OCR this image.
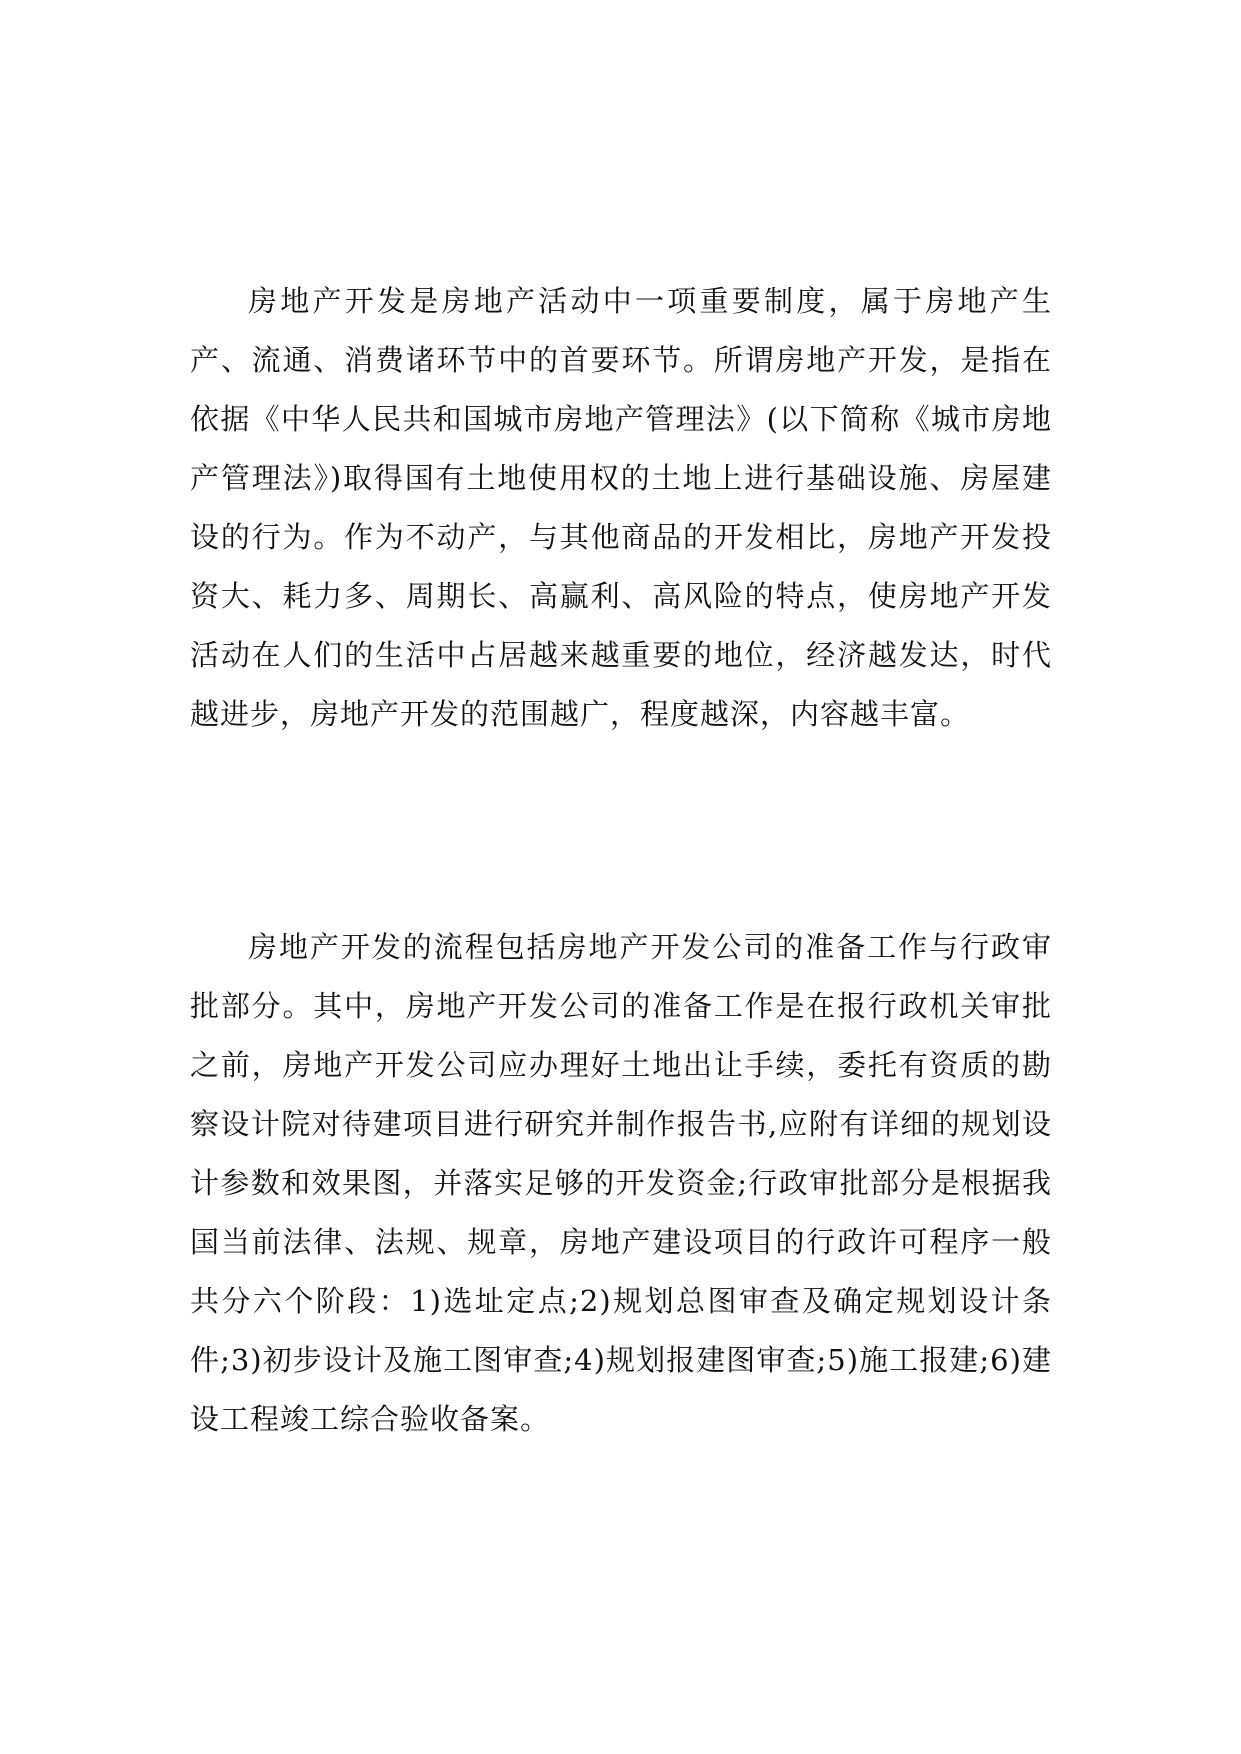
房地产开发是房地产活动中一项重要制度，属于房地产生产、流通、消费诸环节中的首要环节。所谓房地产开发，是指在依据《中华人民共和国城市房地产管理法》(以下简称《城市房地产管理法》)取得国有土地使用权的土地上进行基础设施、房屋建设的行为。作为不动产，与其他商品的开发相比，房地产开发投资大、耗力多、周期长、高赢利、高风险的特点，使房地产开发活动在人们的生活中占居越来越重要的地位，经济越发达，时代越进步，房地产开发的范围越广，程度越深，内容越丰富。

房地产开发的流程包括房地产开发公司的准备工作与行政审批部分。其中，房地产开发公司的准备工作是在报行政机关审批之前，房地产开发公司应办理好土地出让手续，委托有资质的勘察设计院对待建项目进行研究并制作报告书,应附有详细的规划设计参数和效果图，并落实足够的开发资金;行政审批部分是根据我国当前法律、法规、规章，房地产建设项目的行政许可程序一般共分六个阶段：1)选址定点;2)规划总图审查及确定规划设计条件;3)初步设计及施工图审查;4)规划报建图审查;5)施工报建;6)建设工程竣工综合验收备案。
